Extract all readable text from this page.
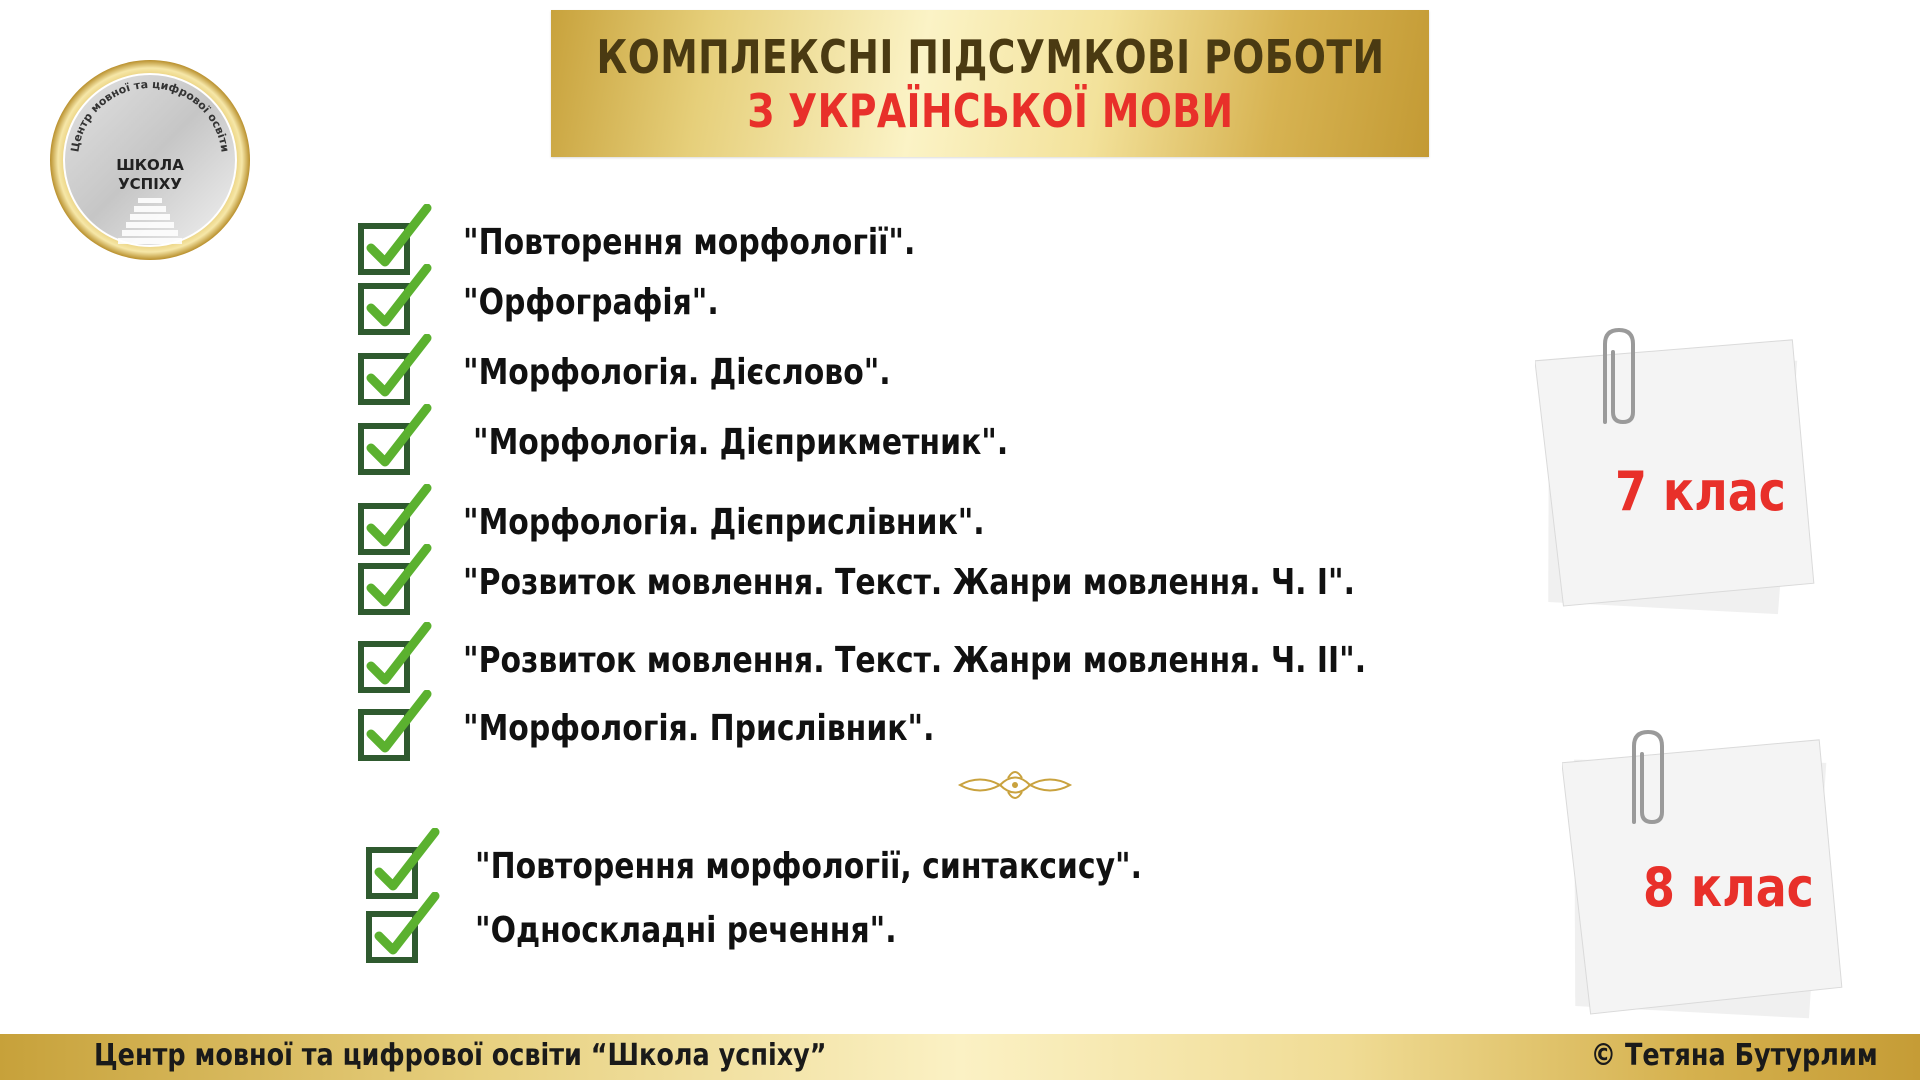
КОМПЛЕКСНІ ПІДСУМКОВІ РОБОТИ
З УКРАЇНСЬКОЇ МОВИ
Центр мовної та цифрової освіти
ШКОЛА
УСПІХУ
"Повторення морфології".
"Орфографія".
"Морфологія. Дієслово".
"Морфологія. Дієприкметник".
"Морфологія. Дієприслівник".
"Розвиток мовлення. Текст. Жанри мовлення. Ч. І".
"Розвиток мовлення. Текст. Жанри мовлення. Ч. ІІ".
"Морфологія. Прислівник".
"Повторення морфології, синтаксису".
"Односкладні речення".
7 клас
8 клас
Центр мовної та цифрової освіти “Школа успіху”	© Тетяна Бутурлим
